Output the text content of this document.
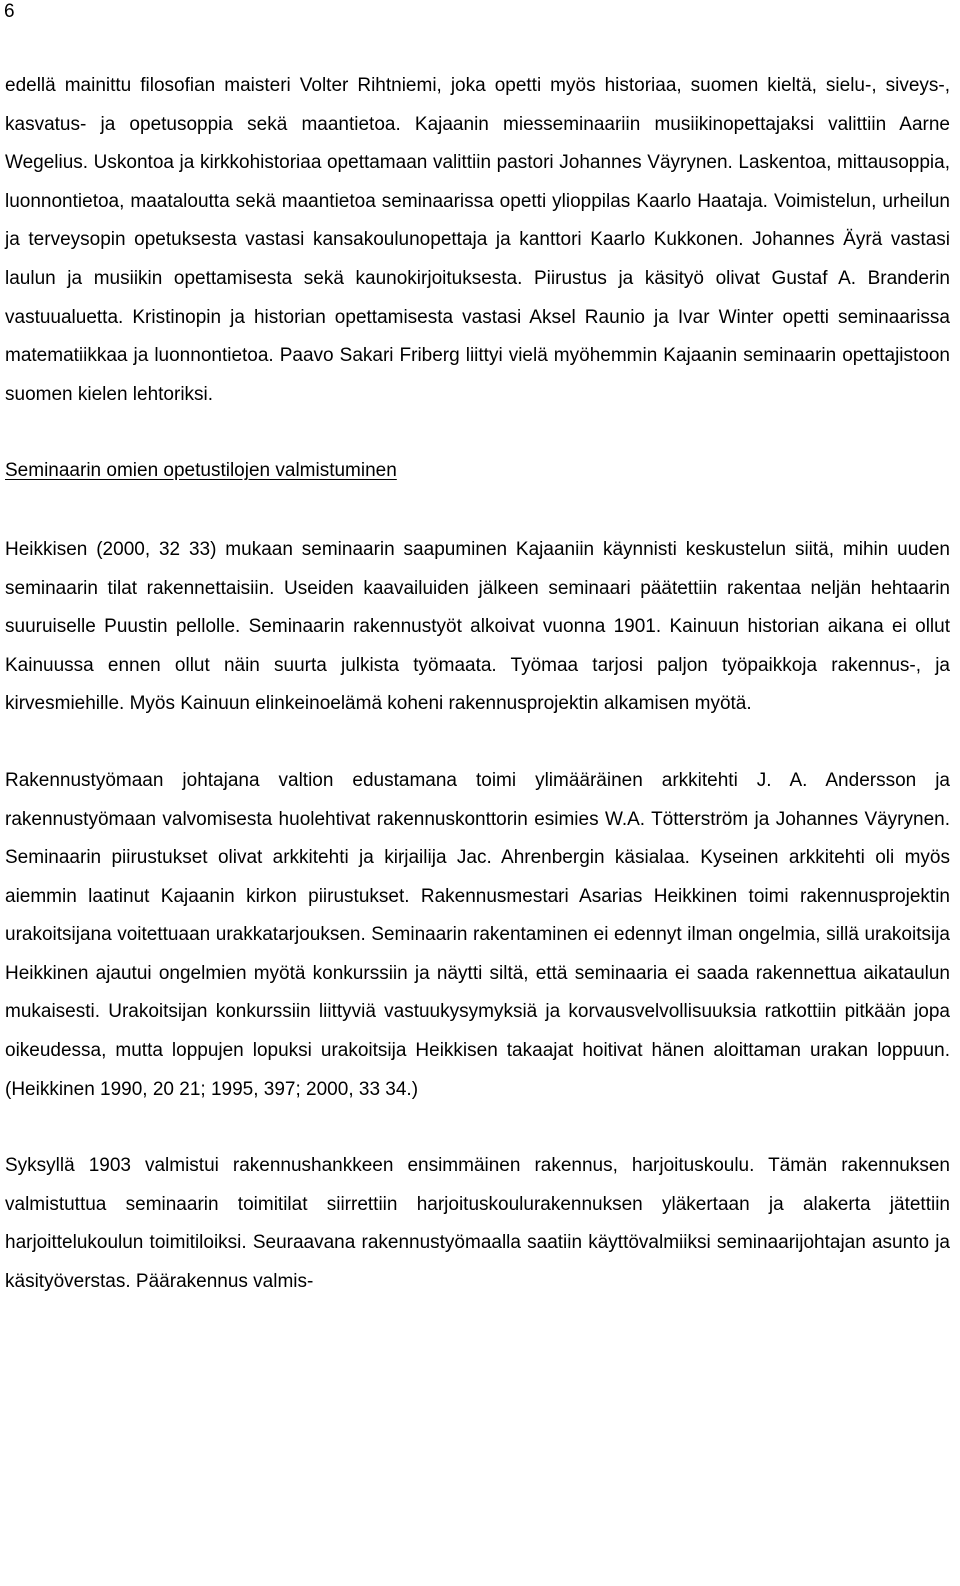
6

edellä mainittu filosofian maisteri Volter Rihtniemi, joka opetti myös historiaa, suomen kieltä, sielu-, siveys-, kasvatus- ja opetusoppia sekä maantietoa. Kajaanin miesseminaariin musiikinopettajaksi valittiin Aarne Wegelius. Uskontoa ja kirkkohistoriaa opettamaan valittiin pastori Johannes Väyrynen. Laskentoa, mittausoppia, luonnontietoa, maataloutta sekä maantietoa seminaarissa opetti ylioppilas Kaarlo Haataja. Voimistelun, urheilun ja terveysopin opetuksesta vastasi kansakoulunopettaja ja kanttori Kaarlo Kukkonen. Johannes Äyrä vastasi laulun ja musiikin opettamisesta sekä kaunokirjoituksesta. Piirustus ja käsityö olivat Gustaf A. Branderin vastuualuetta. Kristinopin ja historian opettamisesta vastasi Aksel Raunio ja Ivar Winter opetti seminaarissa matematiikkaa ja luonnontietoa. Paavo Sakari Friberg liittyi vielä myöhemmin Kajaanin seminaarin opettajistoon suomen kielen lehtoriksi.

Seminaarin omien opetustilojen valmistuminen

Heikkisen (2000, 32 33) mukaan seminaarin saapuminen Kajaaniin käynnisti keskustelun siitä, mihin uuden seminaarin tilat rakennettaisiin. Useiden kaavailuiden jälkeen seminaari päätettiin rakentaa neljän hehtaarin suuruiselle Puustin pellolle. Seminaarin rakennustyöt alkoivat vuonna 1901. Kainuun historian aikana ei ollut Kainuussa ennen ollut näin suurta julkista työmaata. Työmaa tarjosi paljon työpaikkoja rakennus-, ja kirvesmiehille. Myös Kainuun elinkeinoelämä koheni rakennusprojektin alkamisen myötä.

Rakennustyömaan johtajana valtion edustamana toimi ylimääräinen arkkitehti J. A. Andersson ja rakennustyömaan valvomisesta huolehtivat rakennuskonttorin esimies W.A. Tötterström ja Johannes Väyrynen. Seminaarin piirustukset olivat arkkitehti ja kirjailija Jac. Ahrenbergin käsialaa. Kyseinen arkkitehti oli myös aiemmin laatinut Kajaanin kirkon piirustukset. Rakennusmestari Asarias Heikkinen toimi rakennusprojektin urakoitsijana voitettuaan urakkatarjouksen. Seminaarin rakentaminen ei edennyt ilman ongelmia, sillä urakoitsija Heikkinen ajautui ongelmien myötä konkurssiin ja näytti siltä, että seminaaria ei saada rakennettua aikataulun mukaisesti. Urakoitsijan konkurssiin liittyviä vastuukysymyksiä ja korvausvelvollisuuksia ratkottiin pitkään jopa oikeudessa, mutta loppujen lopuksi urakoitsija Heikkisen takaajat hoitivat hänen aloittaman urakan loppuun. (Heikkinen 1990, 20 21; 1995, 397; 2000, 33 34.)

Syksyllä 1903 valmistui rakennushankkeen ensimmäinen rakennus, harjoituskoulu. Tämän rakennuksen valmistuttua seminaarin toimitilat siirrettiin harjoituskoulurakennuksen yläkertaan ja alakerta jätettiin harjoittelukoulun toimitiloiksi. Seuraavana rakennustyömaalla saatiin käyttövalmiiksi seminaarijohtajan asunto ja käsityöverstas. Päärakennus valmis-
